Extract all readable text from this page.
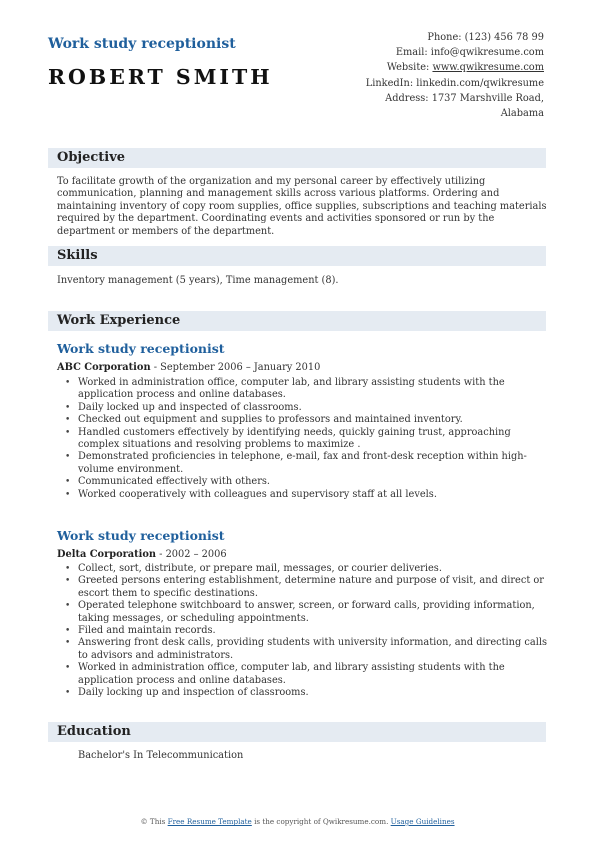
Work study receptionist
ROBERT SMITH
Phone: (123) 456 78 99
Email: info@qwikresume.com
Website: www.qwikresume.com
LinkedIn: linkedin.com/qwikresume
Address: 1737 Marshville Road,
Alabama
Objective
To facilitate growth of the organization and my personal career by effectively utilizing communication, planning and management skills across various platforms. Ordering and maintaining inventory of copy room supplies, office supplies, subscriptions and teaching materials required by the department. Coordinating events and activities sponsored or run by the department or members of the department.
Skills
Inventory management (5 years), Time management (8).
Work Experience
Work study receptionist
ABC Corporation - September 2006 – January 2010
• Worked in administration office, computer lab, and library assisting students with the application process and online databases.
• Daily locked up and inspected of classrooms.
• Checked out equipment and supplies to professors and maintained inventory.
• Handled customers effectively by identifying needs, quickly gaining trust, approaching complex situations and resolving problems to maximize .
• Demonstrated proficiencies in telephone, e-mail, fax and front-desk reception within high-volume environment.
• Communicated effectively with others.
• Worked cooperatively with colleagues and supervisory staff at all levels.
Work study receptionist
Delta Corporation - 2002 – 2006
• Collect, sort, distribute, or prepare mail, messages, or courier deliveries.
• Greeted persons entering establishment, determine nature and purpose of visit, and direct or escort them to specific destinations.
• Operated telephone switchboard to answer, screen, or forward calls, providing information, taking messages, or scheduling appointments.
• Filed and maintain records.
• Answering front desk calls, providing students with university information, and directing calls to advisors and administrators.
• Worked in administration office, computer lab, and library assisting students with the application process and online databases.
• Daily locking up and inspection of classrooms.
Education
Bachelor's In Telecommunication
© This Free Resume Template is the copyright of Qwikresume.com. Usage Guidelines
